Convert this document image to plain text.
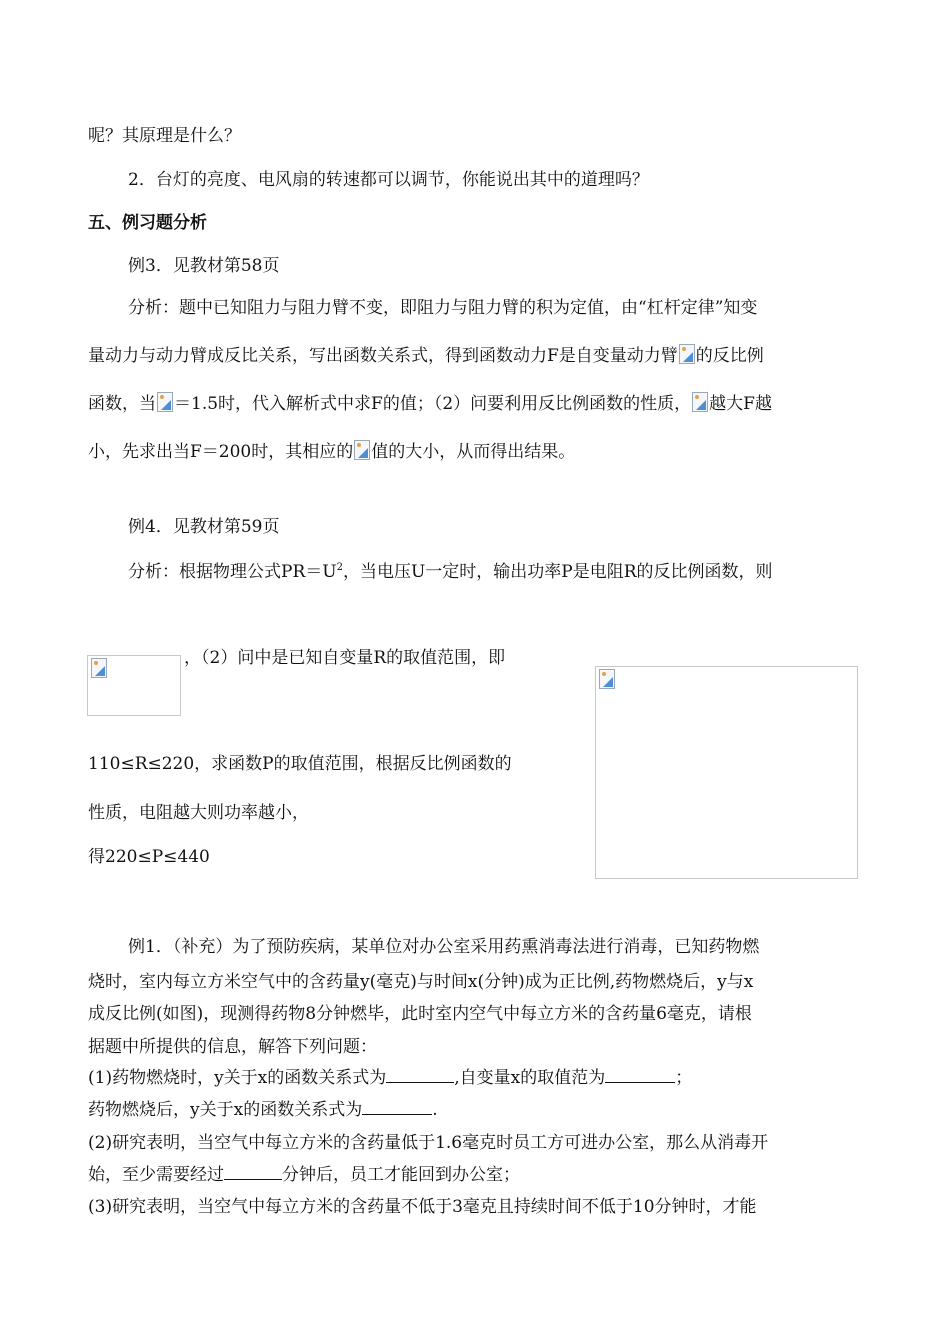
呢？其原理是什么？
2．台灯的亮度、电风扇的转速都可以调节，你能说出其中的道理吗？
五、例习题分析
例3．见教材第58页
分析：题中已知阻力与阻力臂不变，即阻力与阻力臂的积为定值，由“杠杆定律”知变
量动力与动力臂成反比关系，写出函数关系式，得到函数动力F是自变量动力臂 的反比例
函数，当 ＝1.5时，代入解析式中求F的值；（2）问要利用反比例函数的性质， 越大F越
小，先求出当F＝200时，其相应的 值的大小，从而得出结果。
例4．见教材第59页
分析：根据物理公式$PR=U^2$，当电压U一定时，输出功率P是电阻R的反比例函数，则
，（2）问中是已知自变量R的取值范围，即
110≤R≤220，求函数P的取值范围，根据反比例函数的
性质，电阻越大则功率越小，
得220≤P≤440
例1．（补充）为了预防疾病，某单位对办公室采用药熏消毒法进行消毒，已知药物燃
烧时，室内每立方米空气中的含药量y(毫克)与时间x(分钟)成为正比例,药物燃烧后，y与x
成反比例(如图)，现测得药物8分钟燃毕，此时室内空气中每立方米的含药量6毫克，请根
据题中所提供的信息，解答下列问题：
(1)药物燃烧时，y关于x的函数关系式为	,自变量x的取值范为	；
药物燃烧后，y关于x的函数关系式为	.
(2)研究表明，当空气中每立方米的含药量低于1.6毫克时员工方可进办公室，那么从消毒开
始，至少需要经过	分钟后，员工才能回到办公室；
(3)研究表明，当空气中每立方米的含药量不低于3毫克且持续时间不低于10分钟时，才能
